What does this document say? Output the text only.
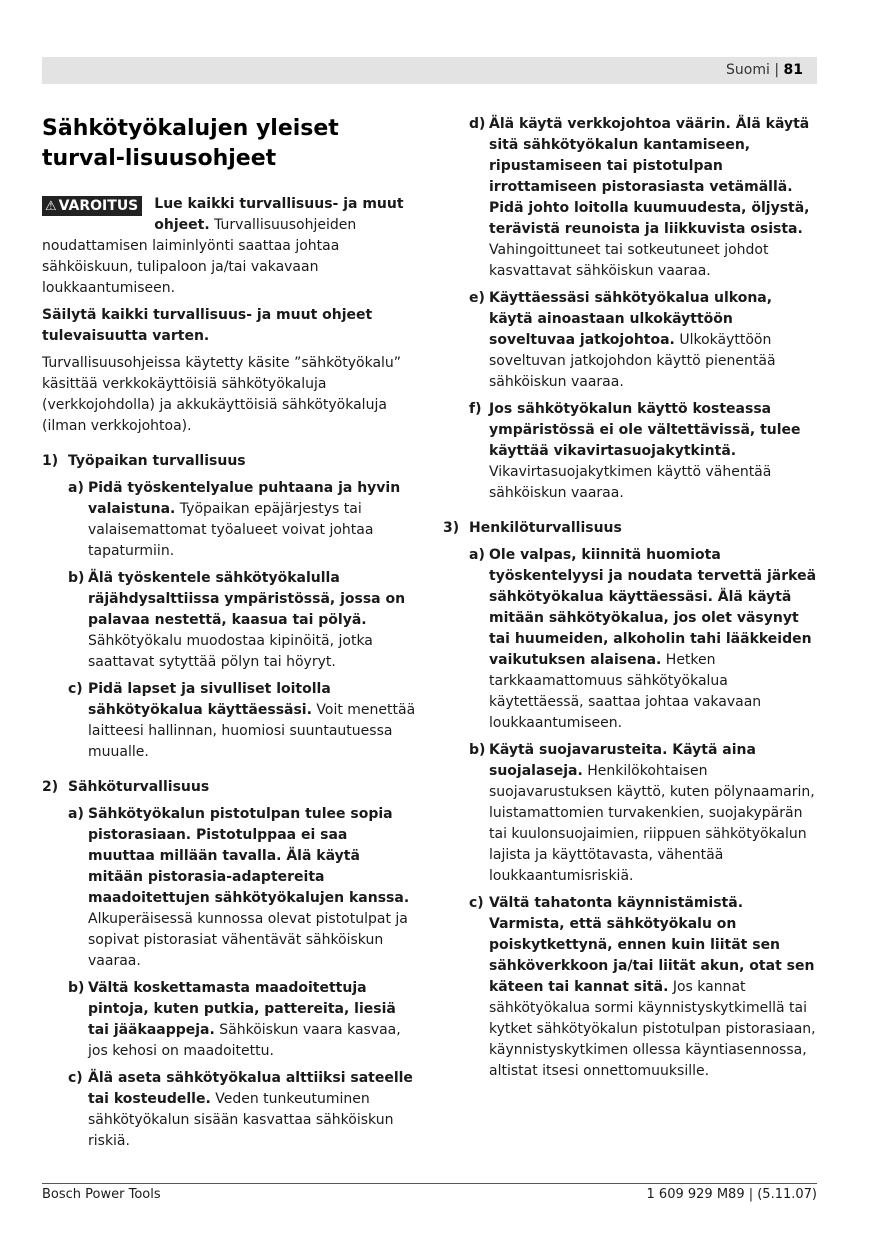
Suomi | 81
Sähkötyökalujen yleiset turval-lisuusohjeet
⚠ VAROITUS Lue kaikki turvallisuus- ja muut ohjeet. Turvallisuusohjeiden noudattamisen laiminlyönti saattaa johtaa sähköiskuun, tulipaloon ja/tai vakavaan loukkaantumiseen.
Säilytä kaikki turvallisuus- ja muut ohjeet tulevaisuutta varten.
Turvallisuusohjeissa käytetty käsite ”sähkötyökalu” käsittää verkkokäyttöisiä sähkötyökaluja (verkkojohdolla) ja akkukäyttöisiä sähkötyökaluja (ilman verkkojohtoa).
1) Työpaikan turvallisuus
a) Pidä työskentelyalue puhtaana ja hyvin valaistuna. Työpaikan epäjärjestys tai valaisemattomat työalueet voivat johtaa tapaturmiin.
b) Älä työskentele sähkötyökalulla räjähdysalttiissa ympäristössä, jossa on palavaa nestettä, kaasua tai pölyä. Sähkötyökalu muodostaa kipinöitä, jotka saattavat sytyttää pölyn tai höyryt.
c) Pidä lapset ja sivulliset loitolla sähkötyökalua käyttäessäsi. Voit menettää laitteesi hallinnan, huomiosi suuntautuessa muualle.
2) Sähköturvallisuus
a) Sähkötyökalun pistotulpan tulee sopia pistorasiaan. Pistotulppaa ei saa muuttaa millään tavalla. Älä käytä mitään pistorasia-adaptereita maadoitettujen sähkötyökalujen kanssa. Alkuperäisessä kunnossa olevat pistotulpat ja sopivat pistorasiat vähentävät sähköiskun vaaraa.
b) Vältä koskettamasta maadoitettuja pintoja, kuten putkia, pattereita, liesiä tai jääkaappeja. Sähköiskun vaara kasvaa, jos kehosi on maadoitettu.
c) Älä aseta sähkötyökalua alttiiksi sateelle tai kosteudelle. Veden tunkeutuminen sähkötyökalun sisään kasvattaa sähköiskun riskiä.
d) Älä käytä verkkojohtoa väärin. Älä käytä sitä sähkötyökalun kantamiseen, ripustamiseen tai pistotulpan irrottamiseen pistorasiasta vetämällä. Pidä johto loitolla kuumuudesta, öljystä, terävistä reunoista ja liikkuvista osista. Vahingoittuneet tai sotkeutuneet johdot kasvattavat sähköiskun vaaraa.
e) Käyttäessäsi sähkötyökalua ulkona, käytä ainoastaan ulkokäyttöön soveltuvaa jatkojohtoa. Ulkokäyttöön soveltuvan jatkojohdon käyttö pienentää sähköiskun vaaraa.
f) Jos sähkötyökalun käyttö kosteassa ympäristössä ei ole vältettävissä, tulee käyttää vikavirtasuojakytkintä. Vikavirtasuojakytkimen käyttö vähentää sähköiskun vaaraa.
3) Henkilöturvallisuus
a) Ole valpas, kiinnitä huomiota työskentelyysi ja noudata tervettä järkeä sähkötyökalua käyttäessäsi. Älä käytä mitään sähkötyökalua, jos olet väsynyt tai huumeiden, alkoholin tahi lääkkeiden vaikutuksen alaisena. Hetken tarkkaamattomuus sähkötyökalua käytettäessä, saattaa johtaa vakavaan loukkaantumiseen.
b) Käytä suojavarusteita. Käytä aina suojalaseja. Henkilökohtaisen suojavarustuksen käyttö, kuten pölynaamarin, luistamattomien turvakenkien, suojakypärän tai kuulonsuojaimien, riippuen sähkötyökalun lajista ja käyttötavasta, vähentää loukkaantumisriskiä.
c) Vältä tahatonta käynnistämistä. Varmista, että sähkötyökalu on poiskytkettynä, ennen kuin liität sen sähköverkkoon ja/tai liität akun, otat sen käteen tai kannat sitä. Jos kannat sähkötyökalua sormi käynnistyskytkimellä tai kytket sähkötyökalun pistotulpan pistorasiaan, käynnistyskytkimen ollessa käyntiasennossa, altistat itsesi onnettomuuksille.
Bosch Power Tools	1 609 929 M89 | (5.11.07)
